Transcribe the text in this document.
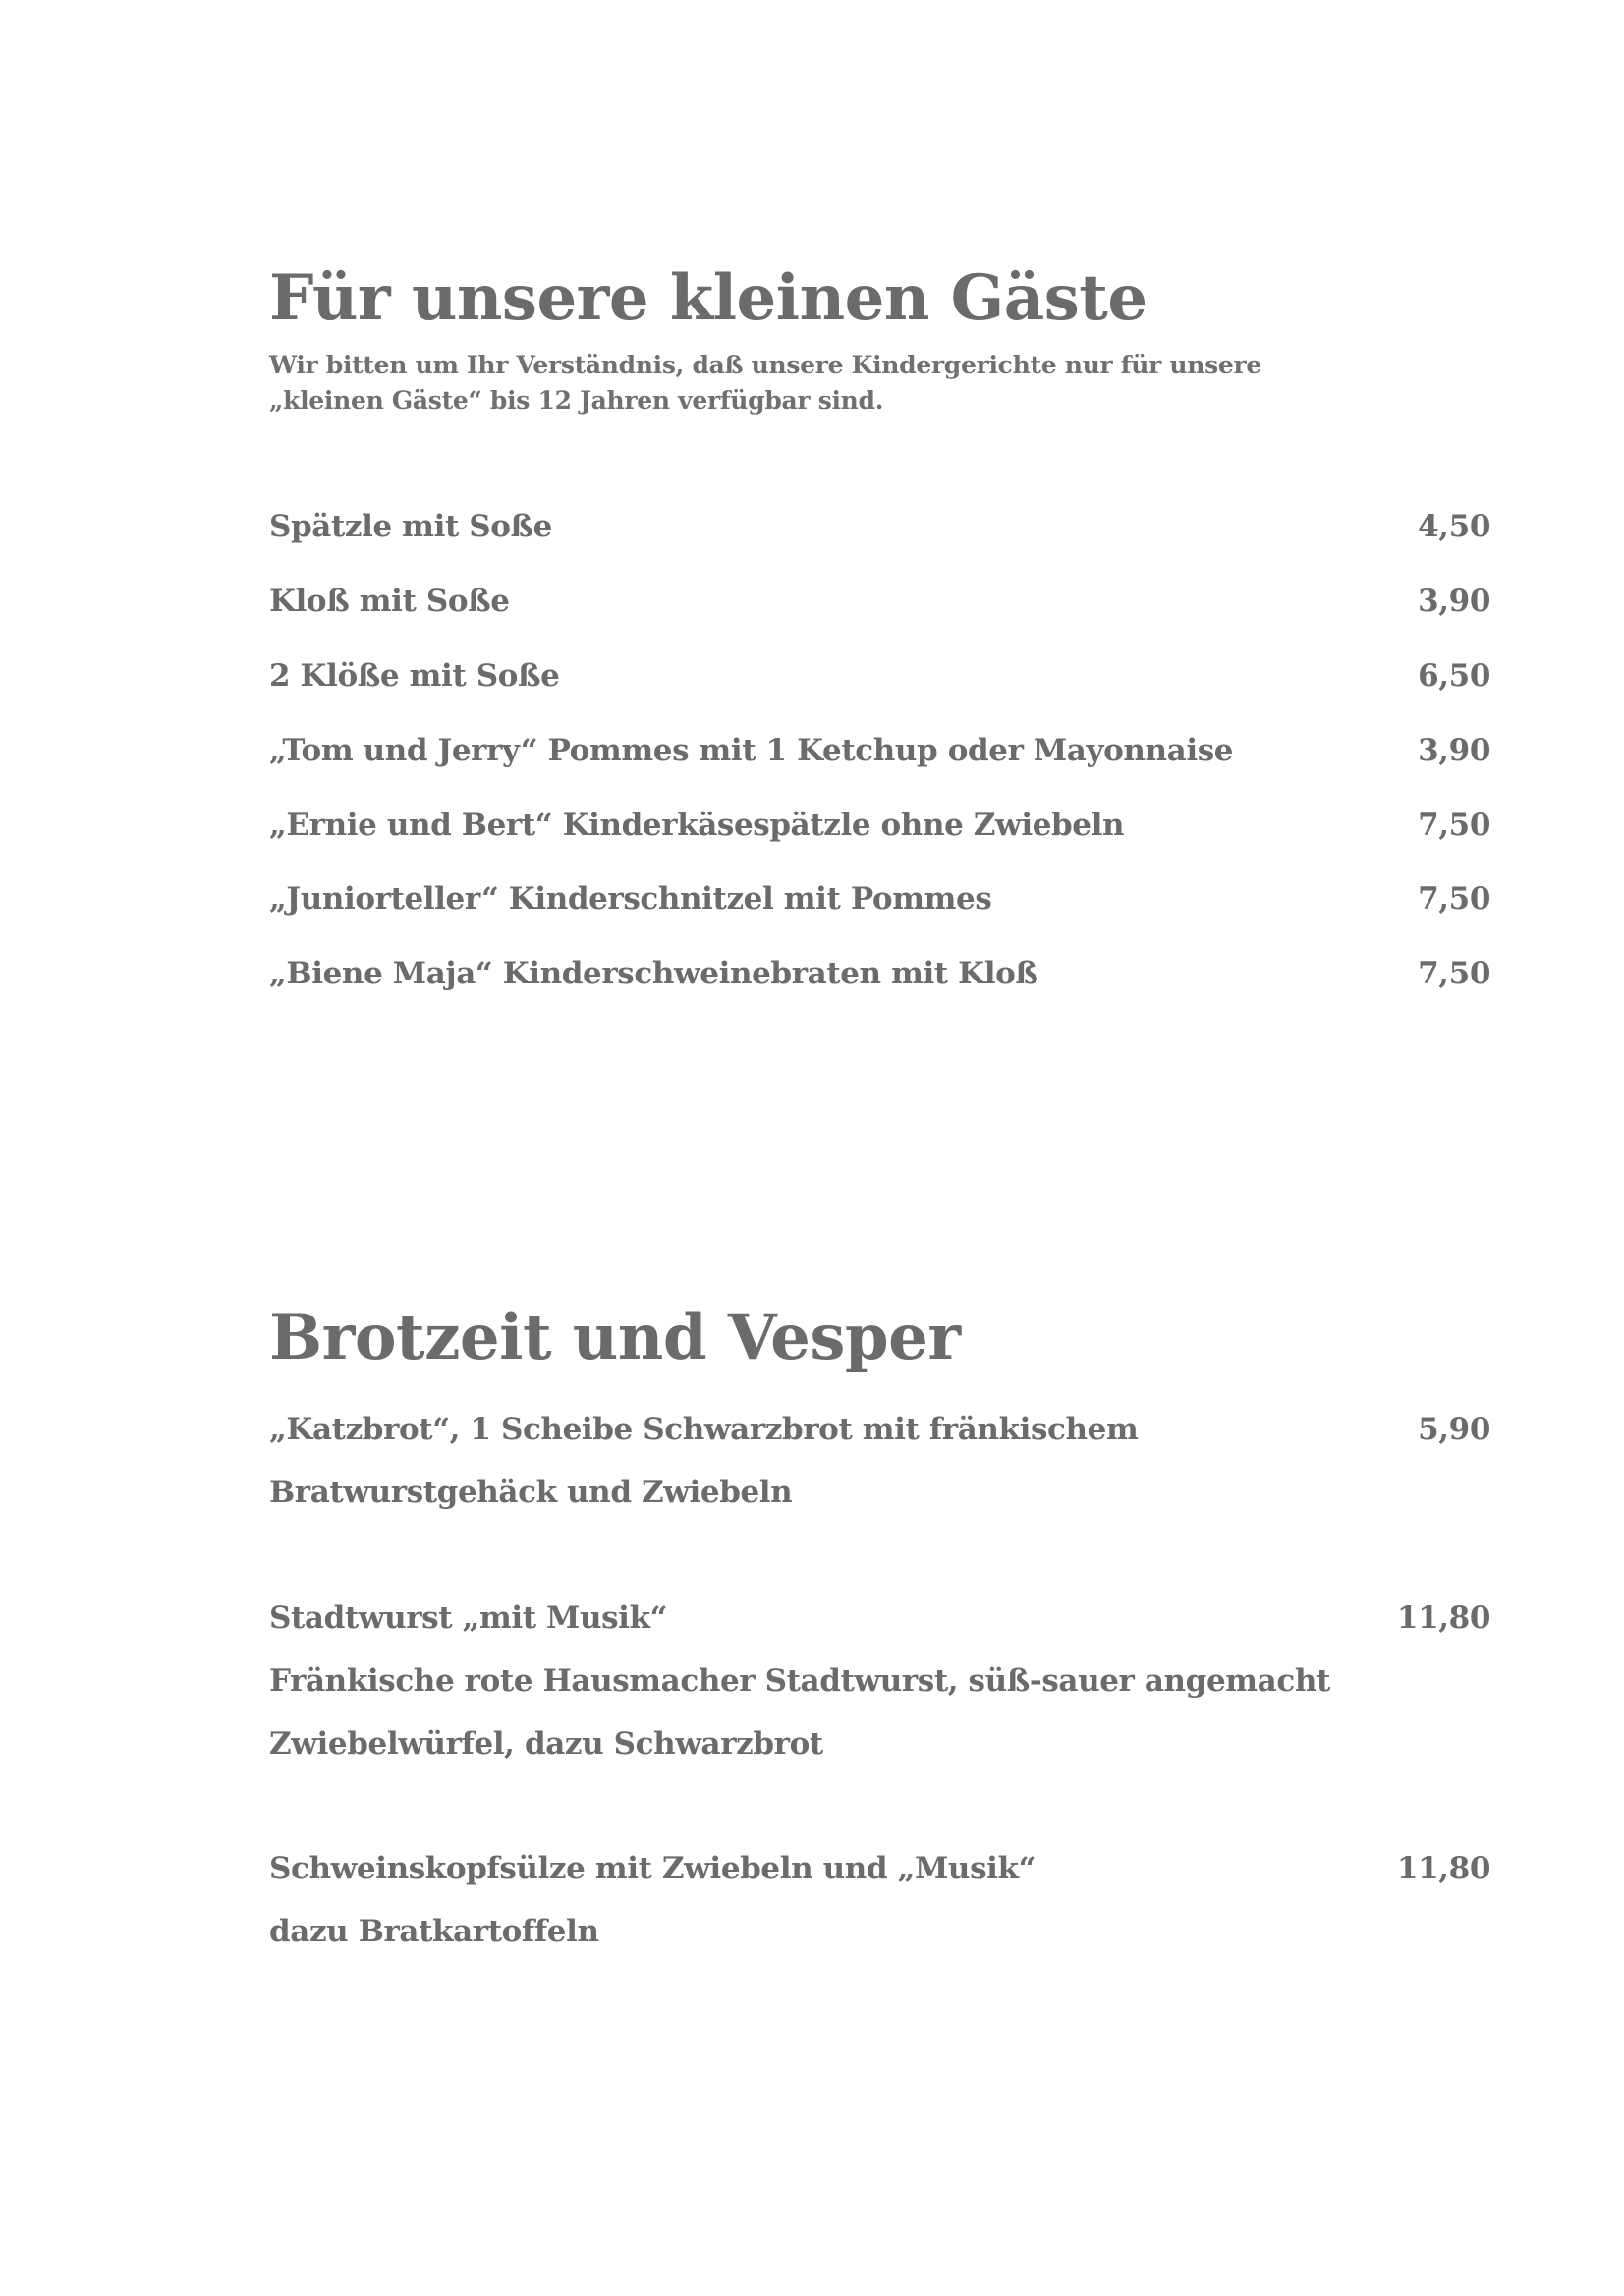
Für unsere kleinen Gäste
Wir bitten um Ihr Verständnis, daß unsere Kindergerichte nur für unsere
„kleinen Gäste“ bis 12 Jahren verfügbar sind.
Spätzle mit Soße	4,50
Kloß mit Soße	3,90
2 Klöße mit Soße	6,50
„Tom und Jerry“ Pommes mit 1 Ketchup oder Mayonnaise	3,90
„Ernie und Bert“ Kinderkäsespätzle ohne Zwiebeln	7,50
„Juniorteller“ Kinderschnitzel mit Pommes	7,50
„Biene Maja“ Kinderschweinebraten mit Kloß	7,50
Brotzeit und Vesper
„Katzbrot“, 1 Scheibe Schwarzbrot mit fränkischem	5,90
Bratwurstgehäck und Zwiebeln
Stadtwurst „mit Musik“	11,80
Fränkische rote Hausmacher Stadtwurst, süß-sauer angemacht
Zwiebelwürfel, dazu Schwarzbrot
Schweinskopfsülze mit Zwiebeln und „Musik“	11,80
dazu Bratkartoffeln
